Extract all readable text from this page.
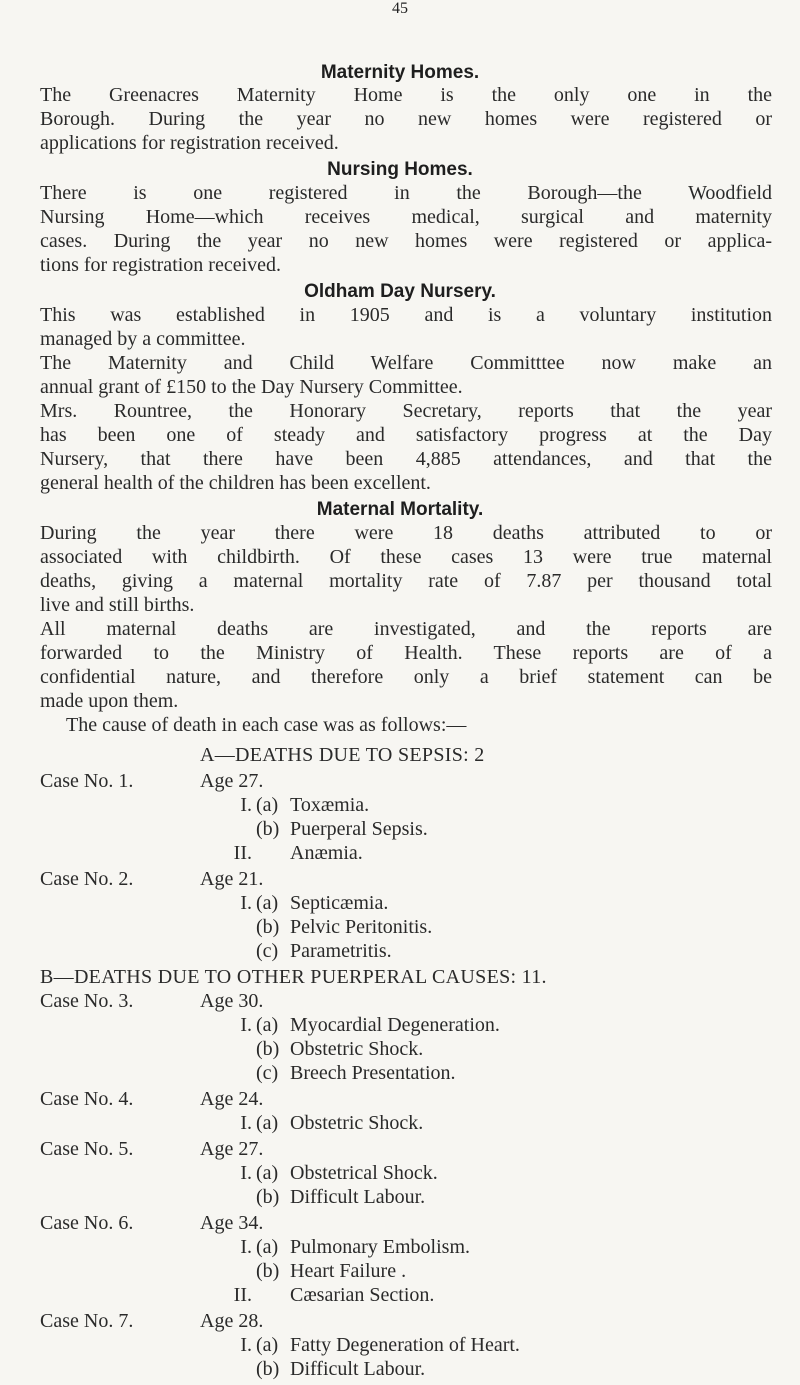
45
Maternity Homes.
The Greenacres Maternity Home is the only one in the
Borough. During the year no new homes were registered or
applications for registration received.
Nursing Homes.
There is one registered in the Borough—the Woodfield
Nursing Home—which receives medical, surgical and maternity
cases. During the year no new homes were registered or applica-
tions for registration received.
Oldham Day Nursery.
This was established in 1905 and is a voluntary institution
managed by a committee.
The Maternity and Child Welfare Committtee now make an
annual grant of £150 to the Day Nursery Committee.
Mrs. Rountree, the Honorary Secretary, reports that the year
has been one of steady and satisfactory progress at the Day
Nursery, that there have been 4,885 attendances, and that the
general health of the children has been excellent.
Maternal Mortality.
During the year there were 18 deaths attributed to or
associated with childbirth. Of these cases 13 were true maternal
deaths, giving a maternal mortality rate of 7.87 per thousand total
live and still births.
All maternal deaths are investigated, and the reports are
forwarded to the Ministry of Health. These reports are of a
confidential nature, and therefore only a brief statement can be
made upon them.
The cause of death in each case was as follows:—
A—DEATHS DUE TO SEPSIS: 2
Case No. 1.	Age 27.
I. (a) Toxæmia.
(b) Puerperal Sepsis.
II. Anæmia.
Case No. 2.	Age 21.
I. (a) Septicæmia.
(b) Pelvic Peritonitis.
(c) Parametritis.
B—DEATHS DUE TO OTHER PUERPERAL CAUSES: 11.
Case No. 3.	Age 30.
I. (a) Myocardial Degeneration.
(b) Obstetric Shock.
(c) Breech Presentation.
Case No. 4.	Age 24.
I. (a) Obstetric Shock.
Case No. 5.	Age 27.
I. (a) Obstetrical Shock.
(b) Difficult Labour.
Case No. 6.	Age 34.
I. (a) Pulmonary Embolism.
(b) Heart Failure .
II. Cæsarian Section.
Case No. 7.	Age 28.
I. (a) Fatty Degeneration of Heart.
(b) Difficult Labour.
